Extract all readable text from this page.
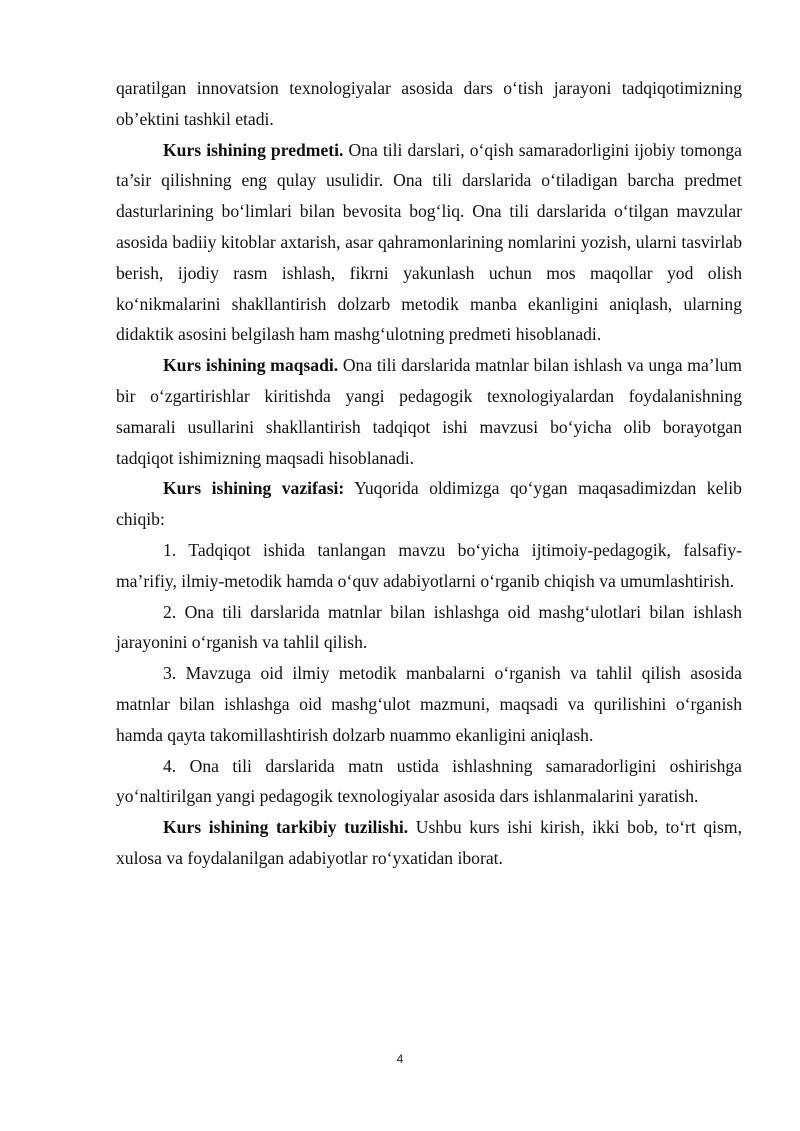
qaratilgan innovatsion texnologiyalar asosida dars o‘tish jarayoni tadqiqotimizning ob’ektini tashkil etadi.

Kurs ishining predmeti. Ona tili darslari, o‘qish samaradorligini ijobiy tomonga ta’sir qilishning eng qulay usulidir. Ona tili darslarida o‘tiladigan barcha predmet dasturlarining bo‘limlari bilan bevosita bog‘liq. Ona tili darslarida o‘tilgan mavzular asosida badiiy kitoblar axtarish, asar qahramonlarining nomlarini yozish, ularni tasvirlab berish, ijodiy rasm ishlash, fikrni yakunlash uchun mos maqollar yod olish ko‘nikmalarini shakllantirish dolzarb metodik manba ekanligini aniqlash, ularning didaktik asosini belgilash ham mashg‘ulotning predmeti hisoblanadi.

Kurs ishining maqsadi. Ona tili darslarida matnlar bilan ishlash va unga ma’lum bir o‘zgartirishlar kiritishda yangi pedagogik texnologiyalardan foydalanishning samarali usullarini shakllantirish tadqiqot ishi mavzusi bo‘yicha olib borayotgan tadqiqot ishimizning maqsadi hisoblanadi.

Kurs ishining vazifasi: Yuqorida oldimizga qo‘ygan maqasadimizdan kelib chiqib:

1. Tadqiqot ishida tanlangan mavzu bo‘yicha ijtimoiy-pedagogik, falsafiy-ma’rifiy, ilmiy-metodik hamda o‘quv adabiyotlarni o‘rganib chiqish va umumlashtirish.

2. Ona tili darslarida matnlar bilan ishlashga oid mashg‘ulotlari bilan ishlash jarayonini o‘rganish va tahlil qilish.

3. Mavzuga oid ilmiy metodik manbalarni o‘rganish va tahlil qilish asosida matnlar bilan ishlashga oid mashg‘ulot mazmuni, maqsadi va qurilishini o‘rganish hamda qayta takomillashtirish dolzarb nuammo ekanligini aniqlash.

4. Ona tili darslarida matn ustida ishlashning samaradorligini oshirishga yo‘naltirilgan yangi pedagogik texnologiyalar asosida dars ishlanmalarini yaratish.

Kurs ishining tarkibiy tuzilishi. Ushbu kurs ishi kirish, ikki bob, to‘rt qism, xulosa va foydalanilgan adabiyotlar ro‘yxatidan iborat.

4
